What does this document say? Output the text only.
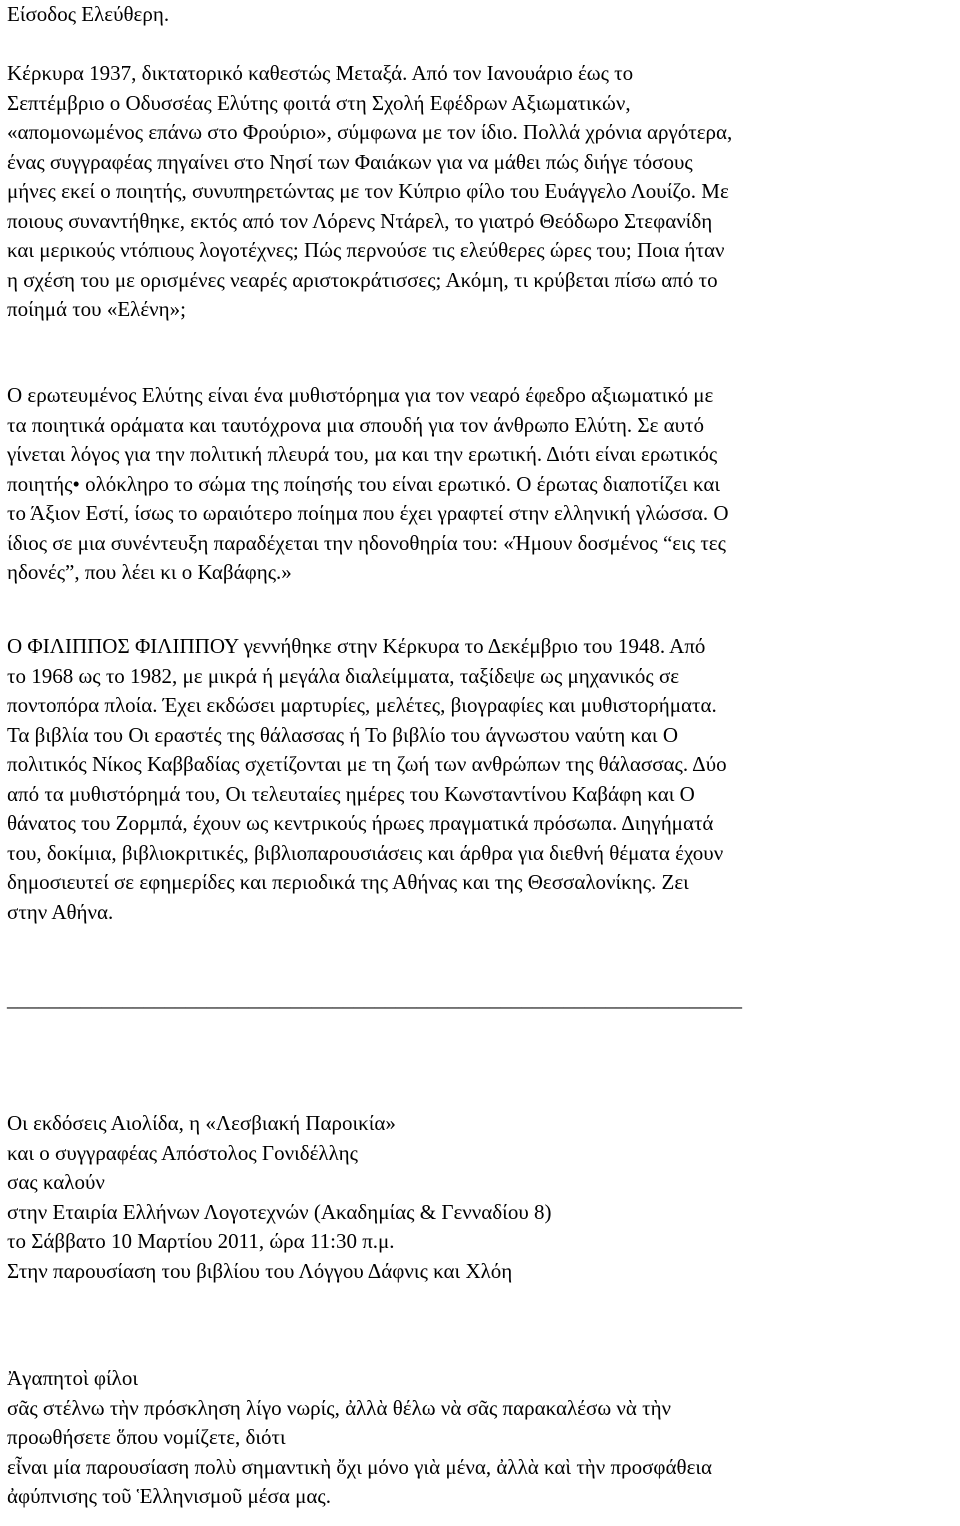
Είσοδος Ελεύθερη.

Κέρκυρα 1937, δικτατορικό καθεστώς Μεταξά. Από τον Ιανουάριο έως το
Σεπτέμβριο ο Οδυσσέας Ελύτης φοιτά στη Σχολή Εφέδρων Αξιωματικών,
«απομονωμένος επάνω στο Φρούριο», σύμφωνα με τον ίδιο. Πολλά χρόνια αργότερα,
ένας συγγραφέας πηγαίνει στο Νησί των Φαιάκων για να μάθει πώς διήγε τόσους
μήνες εκεί ο ποιητής, συνυπηρετώντας με τον Κύπριο φίλο του Ευάγγελο Λουίζο. Με
ποιους συναντήθηκε, εκτός από τον Λόρενς Ντάρελ, το γιατρό Θεόδωρο Στεφανίδη
και μερικούς ντόπιους λογοτέχνες; Πώς περνούσε τις ελεύθερες ώρες του; Ποια ήταν
η σχέση του με ορισμένες νεαρές αριστοκράτισσες; Ακόμη, τι κρύβεται πίσω από το
ποίημά του «Ελένη»;

Ο ερωτευμένος Ελύτης είναι ένα μυθιστόρημα για τον νεαρό έφεδρο αξιωματικό με
τα ποιητικά οράματα και ταυτόχρονα μια σπουδή για τον άνθρωπο Ελύτη. Σε αυτό
γίνεται λόγος για την πολιτική πλευρά του, μα και την ερωτική. Διότι είναι ερωτικός
ποιητής• ολόκληρο το σώμα της ποίησής του είναι ερωτικό. Ο έρωτας διαποτίζει και
το Άξιον Εστί, ίσως το ωραιότερο ποίημα που έχει γραφτεί στην ελληνική γλώσσα. Ο
ίδιος σε μια συνέντευξη παραδέχεται την ηδονοθηρία του: «Ήμουν δοσμένος “εις τες
ηδονές”, που λέει κι ο Καβάφης.»

Ο ΦΙΛΙΠΠΟΣ ΦΙΛΙΠΠΟΥ γεννήθηκε στην Κέρκυρα το Δεκέμβριο του 1948. Από
το 1968 ως το 1982, με μικρά ή μεγάλα διαλείμματα, ταξίδεψε ως μηχανικός σε
ποντοπόρα πλοία. Έχει εκδώσει μαρτυρίες, μελέτες, βιογραφίες και μυθιστορήματα.
Τα βιβλία του Οι εραστές της θάλασσας ή Το βιβλίο του άγνωστου ναύτη και Ο
πολιτικός Νίκος Καββαδίας σχετίζονται με τη ζωή των ανθρώπων της θάλασσας. Δύο
από τα μυθιστόρημά του, Οι τελευταίες ημέρες του Κωνσταντίνου Καβάφη και Ο
θάνατος του Ζορμπά, έχουν ως κεντρικούς ήρωες πραγματικά πρόσωπα. Διηγήματά
του, δοκίμια, βιβλιοκριτικές, βιβλιοπαρουσιάσεις και άρθρα για διεθνή θέματα έχουν
δημοσιευτεί σε εφημερίδες και περιοδικά της Αθήνας και της Θεσσαλονίκης. Ζει
στην Αθήνα.

______________________________________________________________________

Οι εκδόσεις Αιολίδα, η «Λεσβιακή Παροικία»
και ο συγγραφέας Απόστολος Γονιδέλλης
σας καλούν
στην Εταιρία Ελλήνων Λογοτεχνών (Ακαδημίας & Γενναδίου 8)
το Σάββατο 10 Μαρτίου 2011, ώρα 11:30 π.μ.
Στην παρουσίαση του βιβλίου του Λόγγου Δάφνις και Χλόη

Ἀγαπητοὶ φίλοι
σᾶς στέλνω τὴν πρόσκληση λίγο νωρίς, ἀλλὰ θέλω νὰ σᾶς παρακαλέσω νὰ τὴν
προωθήσετε ὅπου νομίζετε, διότι
εἶναι μία παρουσίαση πολὺ σημαντικὴ ὄχι μόνο γιὰ μένα, ἀλλὰ καὶ τὴν προσφάθεια
ἀφύπνισης τοῦ Ἑλληνισμοῦ μέσα μας.
